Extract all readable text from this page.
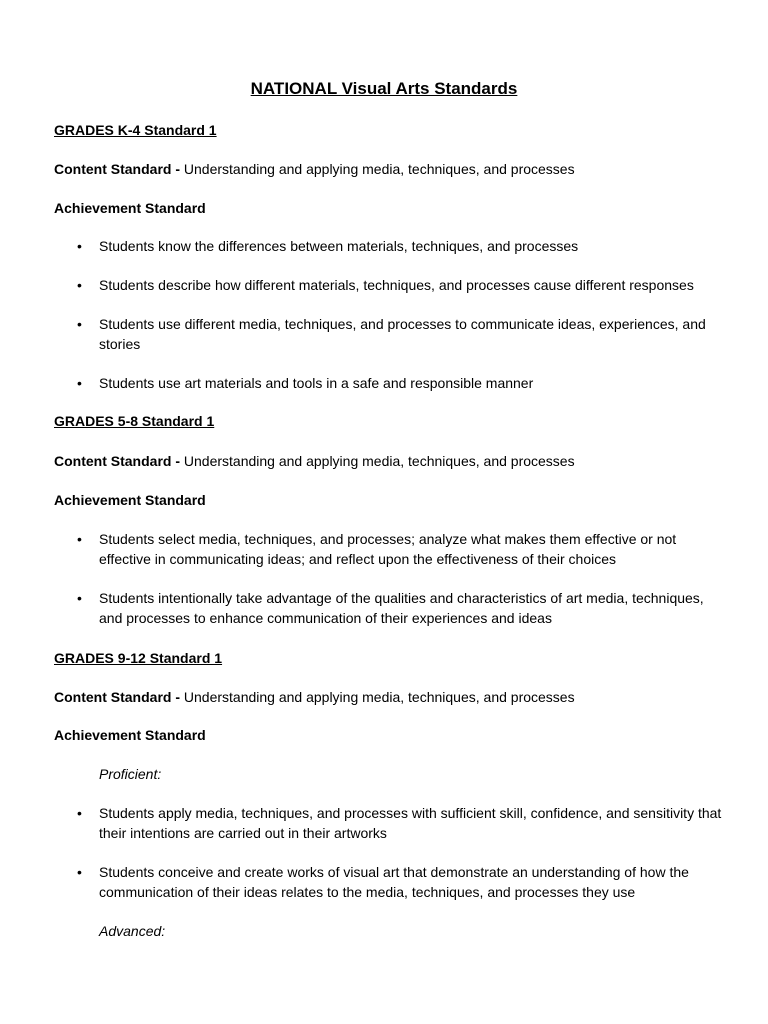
NATIONAL Visual Arts Standards
GRADES K-4 Standard 1
Content Standard - Understanding and applying media, techniques, and processes
Achievement Standard
• Students know the differences between materials, techniques, and processes
• Students describe how different materials, techniques, and processes cause different responses
• Students use different media, techniques, and processes to communicate ideas, experiences, and stories
• Students use art materials and tools in a safe and responsible manner
GRADES 5-8 Standard 1
Content Standard - Understanding and applying media, techniques, and processes
Achievement Standard
• Students select media, techniques, and processes; analyze what makes them effective or not effective in communicating ideas; and reflect upon the effectiveness of their choices
• Students intentionally take advantage of the qualities and characteristics of art media, techniques, and processes to enhance communication of their experiences and ideas
GRADES 9-12 Standard 1
Content Standard - Understanding and applying media, techniques, and processes
Achievement Standard
Proficient:
• Students apply media, techniques, and processes with sufficient skill, confidence, and sensitivity that their intentions are carried out in their artworks
• Students conceive and create works of visual art that demonstrate an understanding of how the communication of their ideas relates to the media, techniques, and processes they use
Advanced:
